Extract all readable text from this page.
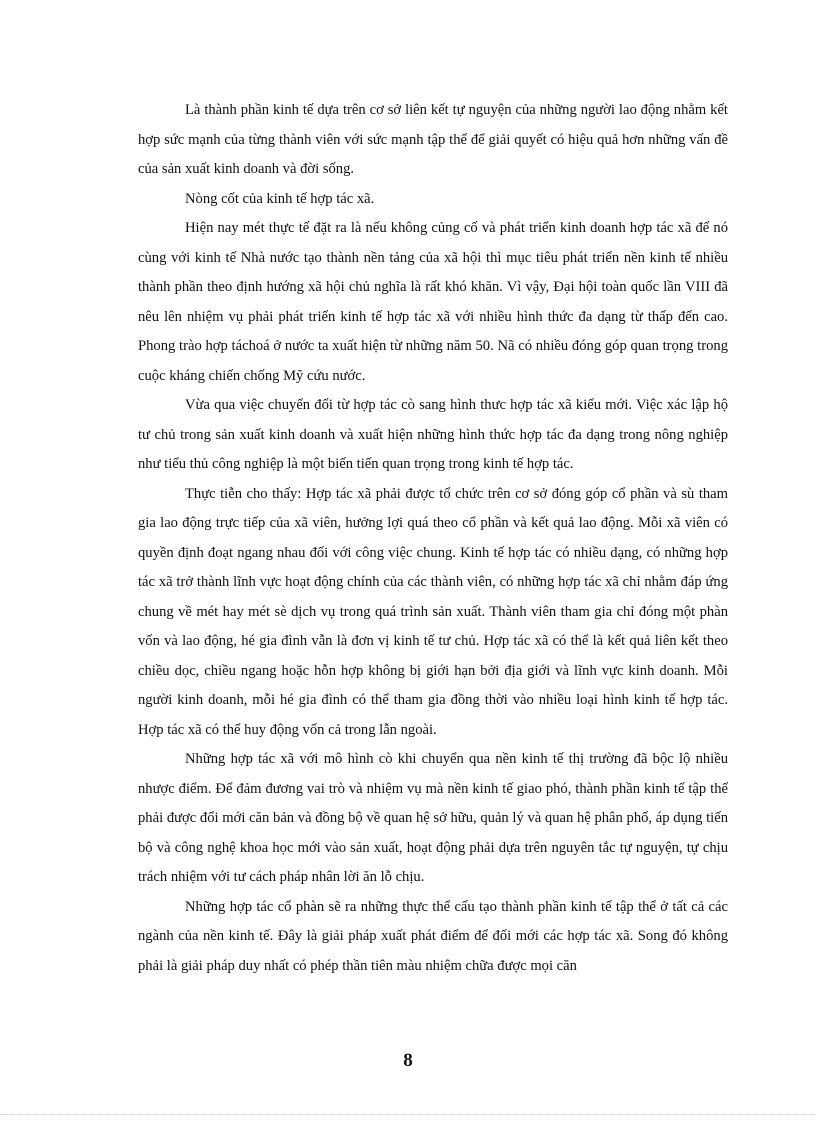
Là thành phần kinh tế dựa trên cơ sở liên kết tự nguyện của những người lao động nhằm kết hợp sức mạnh của từng thành viên với sức mạnh tập thể để giải quyết có hiệu quả hơn những vấn đề của sản xuất kinh doanh và đời sống.

Nòng cốt của kinh tế hợp tác xã.

Hiện nay mét thực tế đặt ra là nếu không củng cố và phát triển kinh doanh hợp tác xã để nó cùng với kinh tế Nhà nước tạo thành nền tảng của xã hội thì mục tiêu phát triển nền kinh tế nhiều thành phần theo định hướng xã hội chủ nghĩa là rất khó khăn. Vì vậy, Đại hội toàn quốc lần VIII đã nêu lên nhiệm vụ phải phát triển kinh tế hợp tác xã với nhiều hình thức đa dạng từ thấp đến cao. Phong trào hợp táchoá ở nước ta xuất hiện từ những năm 50. Nã có nhiều đóng góp quan trọng trong cuộc kháng chiến chống Mỹ cứu nước.

Vừa qua việc chuyển đổi từ hợp tác cò sang hình thưc hợp tác xã kiểu mới. Việc xác lập hộ tư chủ trong sản xuất kinh doanh và xuất hiện những hình thức hợp tác đa dạng trong nông nghiệp như tiểu thủ công nghiệp là một biến tiến quan trọng trong kinh tế hợp tác.

Thực tiễn cho thấy: Hợp tác xã phải được tổ chức trên cơ sở đóng góp cổ phần và sù tham gia lao động trực tiếp của xã viên, hưởng lợi quá theo cổ phần và kết quả lao động. Mỗi xã viên có quyền định đoạt ngang nhau đối với công việc chung. Kinh tế hợp tác có nhiều dạng, có những hợp tác xã trở thành lĩnh vực hoạt động chính của các thành viên, có những hợp tác xã chỉ nhằm đáp ứng chung về mét hay mét sè dịch vụ trong quá trình sản xuất. Thành viên tham gia chỉ đóng một phàn vốn và lao động, hé gia đình vẫn là đơn vị kinh tế tư chủ. Hợp tác xã có thể là kết quả liên kết theo chiều dọc, chiều ngang hoặc hỗn hợp không bị giới hạn bởi địa giới và lĩnh vực kinh doanh. Mỗi người kinh doanh, mỗi hé gia đình có thể tham gia đồng thời vào nhiều loại hình kinh tế hợp tác. Hợp tác xã có thể huy động vốn cả trong lẫn ngoài.

Những hợp tác xã với mô hình cò khi chuyển qua nền kinh tế thị trường đã bộc lộ nhiều nhược điểm. Để đảm đương vai trò và nhiệm vụ mà nền kinh tế giao phó, thành phần kinh tế tập thể phải được đổi mới căn bản và đồng bộ về quan hệ sở hữu, quản lý và quan hệ phân phố, áp dụng tiến bộ và công nghệ khoa học mới vào sản xuất, hoạt động phải dựa trên nguyên tắc tự nguyện, tự chịu trách nhiệm với tư cách pháp nhân lời ăn lỗ chịu.

Những hợp tác cổ phàn sẽ ra những thực thể cấu tạo thành phần kinh tế tập thể ở tất cả các ngành của nền kinh tế. Đây là giải pháp xuất phát điểm để đổi mới các hợp tác xã. Song đó không phải là giải pháp duy nhất có phép thần tiên màu nhiệm chữa được mọi căn

8
